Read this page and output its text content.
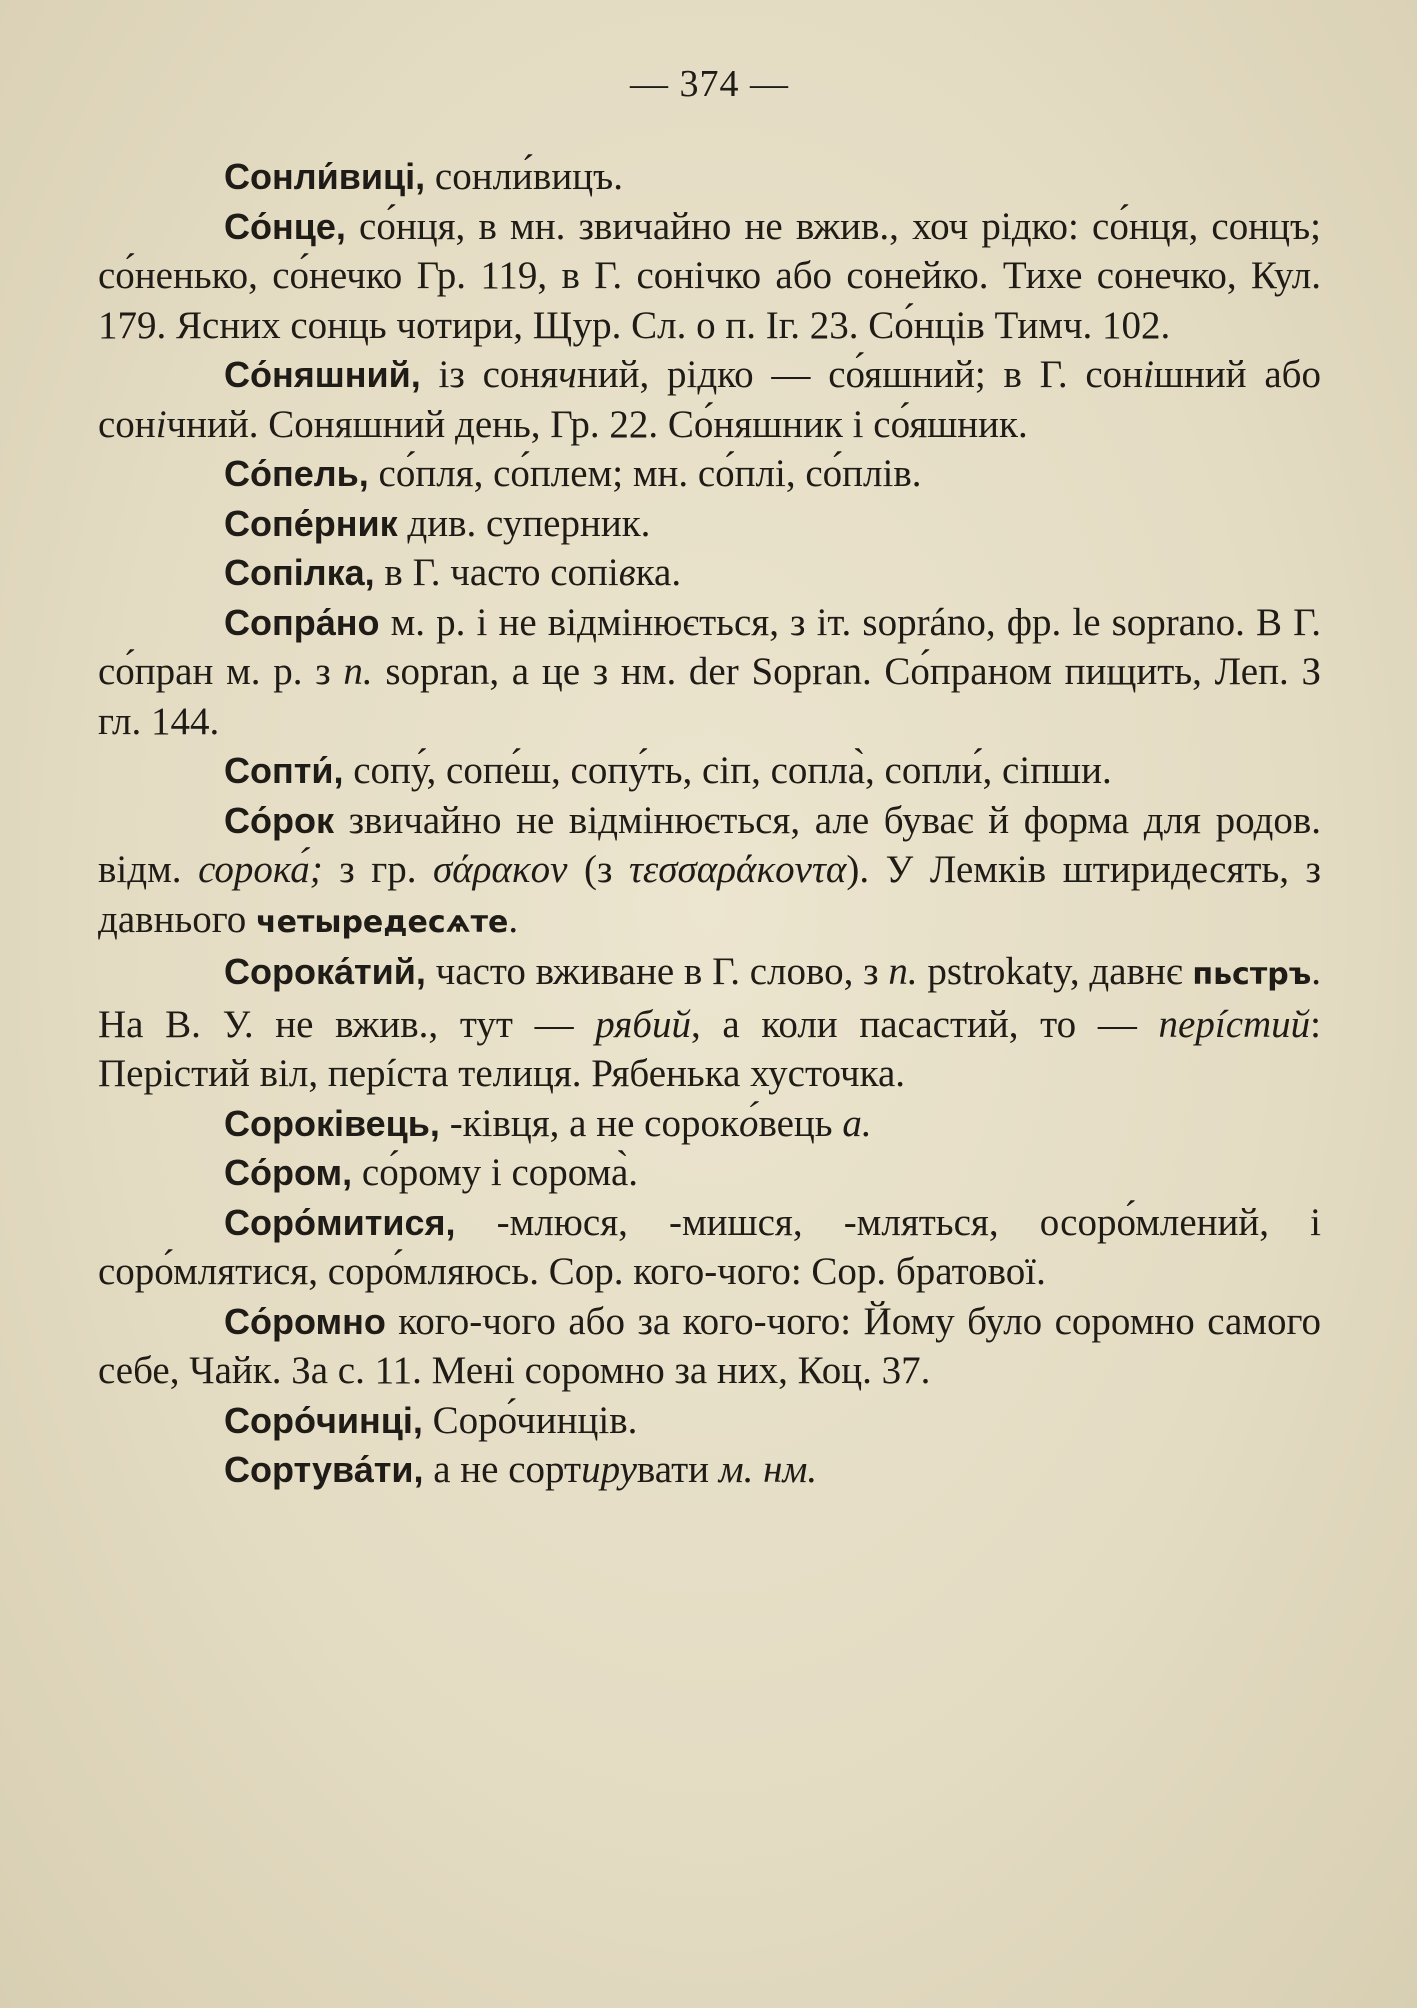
— 374 —

Сонли́вицi, сонли́вицъ.

Со́нце, со́нця, в мн. звичайно не вжив., хоч рiдко: со́нця, сонцъ; со́ненько, со́нечко Гр. 119, в Г. сонiчко або сонейко. Тихе сонечко, Кул. 179. Ясних сонць чотири, Щур. Сл. о п. Iг. 23. Со́нцiв Тимч. 102.

Со́няшний, iз сонячний, рiдко — со́яшний; в Г. сонiшний або сонiчний. Соняшний день, Гр. 22. Со́няшник i со́яшник.

Со́пель, со́пля, со́плем; мн. со́плi, со́плiв.

Cопе́рник див. суперник.

Сопiлка, в Г. часто сопiвка.

Сопра́но м. р. i не вiдмiнюється, з iт. sopráno, фр. le soprano. В Г. со́пран м. р. з п. sopran, а це з нм. der Sopran. Со́праном пищить, Леп. З гл. 144.

Сопти́, сопу́, сопе́ш, сопу́ть, сiп, сопла̀, сопли́, сiпши.

Со́рок звичайно не вiдмiнюється, але буває й форма для родов. вiдм. сорока́; з гр. σάρακον (з τεσσαράκοντα). У Лемкiв штиридесять, з давнього четыредесѧте.

Сорока́тий, часто вживане в Г. слово, з п. pstrokaty, давнє пьстръ. На В. У. не вжив., тут — рябий, а коли пасастий, то — перíстий: Перiстий вiл, перíста телиця. Рябенька хусточка.

Сорокiвець, -кiвця, а не сороко́вець а.

Со́ром, со́рому i сорома̀.

Соро́митися, -млюся, -мишся, -мляться, осоро́млений, i соро́млятися, соро́мляюсь. Сор. кого-чого: Сор. братовоï.

Со́ромно кого-чого або за кого-чого: Йому було соромно самого себе, Чайк. За с. 11. Менi соромно за них, Коц. 37.

Соро́чинцi, Соро́чинцiв.

Сортува́ти, а не сортирувати м. нм.
